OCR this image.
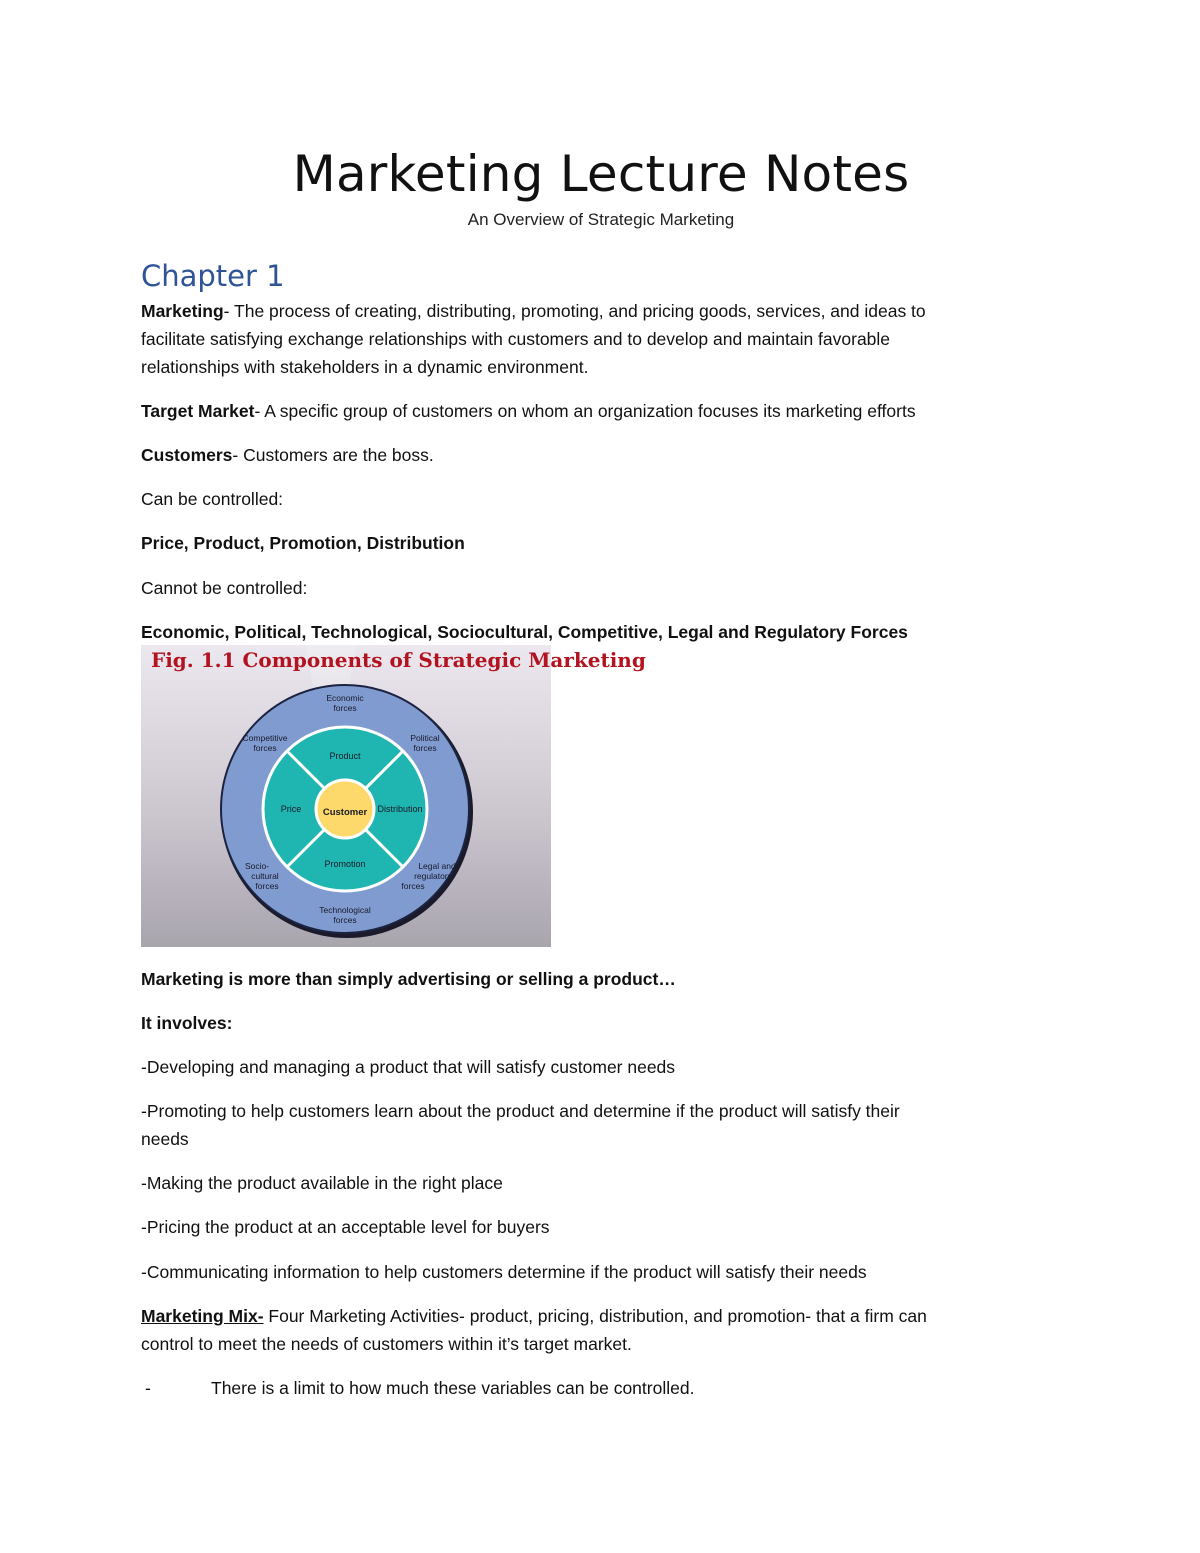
Marketing Lecture Notes
An Overview of Strategic Marketing
Chapter 1
Marketing- The process of creating, distributing, promoting, and pricing goods, services, and ideas to
facilitate satisfying exchange relationships with customers and to develop and maintain favorable
relationships with stakeholders in a dynamic environment.
Target Market- A specific group of customers on whom an organization focuses its marketing efforts
Customers- Customers are the boss.
Can be controlled:
Price, Product, Promotion, Distribution
Cannot be controlled:
Economic, Political, Technological, Sociocultural, Competitive, Legal and Regulatory Forces
Marketing is more than simply advertising or selling a product…
It involves:
-Developing and managing a product that will satisfy customer needs
-Promoting to help customers learn about the product and determine if the product will satisfy their
needs
-Making the product available in the right place
-Pricing the product at an acceptable level for buyers
-Communicating information to help customers determine if the product will satisfy their needs
Marketing Mix- Four Marketing Activities- product, pricing, distribution, and promotion- that a firm can
control to meet the needs of customers within it’s target market.
-	There is a limit to how much these variables can be controlled.
Customer
Product
Distribution
Promotion
Price
Economic
forces
Political
forces
Competitive
forces
Legal and
regulatory
forces
Socio-
cultural
forces
Technological
forces
Fig. 1.1 Components of Strategic Marketing
